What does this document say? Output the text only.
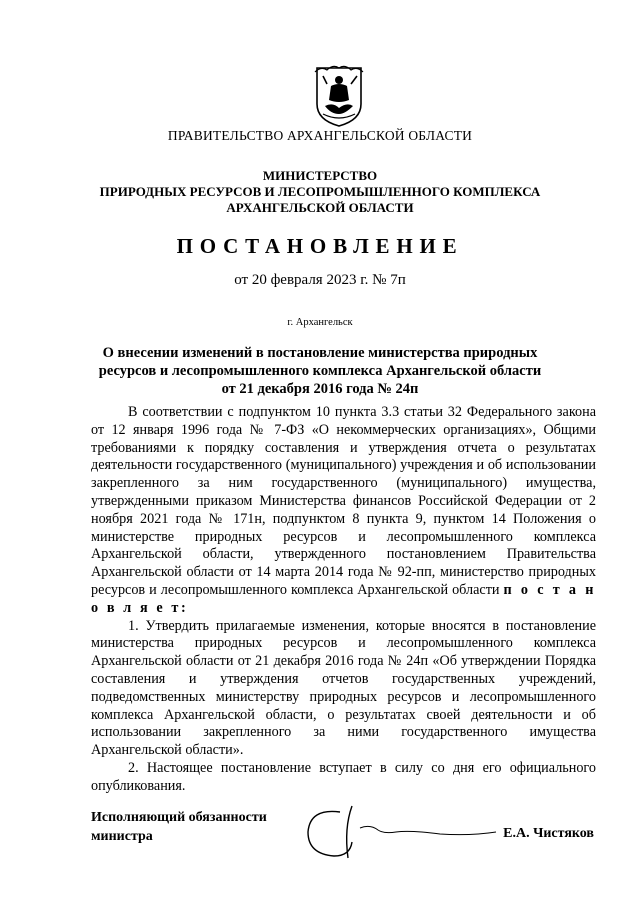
ПРАВИТЕЛЬСТВО АРХАНГЕЛЬСКОЙ ОБЛАСТИ
МИНИСТЕРСТВО
ПРИРОДНЫХ РЕСУРСОВ И ЛЕСОПРОМЫШЛЕННОГО КОМПЛЕКСА
АРХАНГЕЛЬСКОЙ ОБЛАСТИ
ПОСТАНОВЛЕНИЕ
от 20 февраля 2023 г. № 7п
г. Архангельск
О внесении изменений в постановление министерства природных
ресурсов и лесопромышленного комплекса Архангельской области
от 21 декабря 2016 года № 24п

В соответствии с подпунктом 10 пункта 3.3 статьи 32 Федерального закона от 12 января 1996 года № 7-ФЗ «О некоммерческих организациях», Общими требованиями к порядку составления и утверждения отчета о результатах деятельности государственного (муниципального) учреждения и об использовании закрепленного за ним государственного (муниципального) имущества, утвержденными приказом Министерства финансов Российской Федерации от 2 ноября 2021 года № 171н, подпунктом 8 пункта 9, пунктом 14 Положения о министерстве природных ресурсов и лесопромышленного комплекса Архангельской области, утвержденного постановлением Правительства Архангельской области от 14 марта 2014 года № 92-пп, министерство природных ресурсов и лесопромышленного комплекса Архангельской области п о с т а н о в л я е т:

1. Утвердить прилагаемые изменения, которые вносятся в постановление министерства природных ресурсов и лесопромышленного комплекса Архангельской области от 21 декабря 2016 года № 24п «Об утверждении Порядка составления и утверждения отчетов государственных учреждений, подведомственных министерству природных ресурсов и лесопромышленного комплекса Архангельской области, о результатах своей деятельности и об использовании закрепленного за ними государственного имущества Архангельской области».

2. Настоящее постановление вступает в силу со дня его официального опубликования.

Исполняющий обязанности
министра	Е.А. Чистяков
